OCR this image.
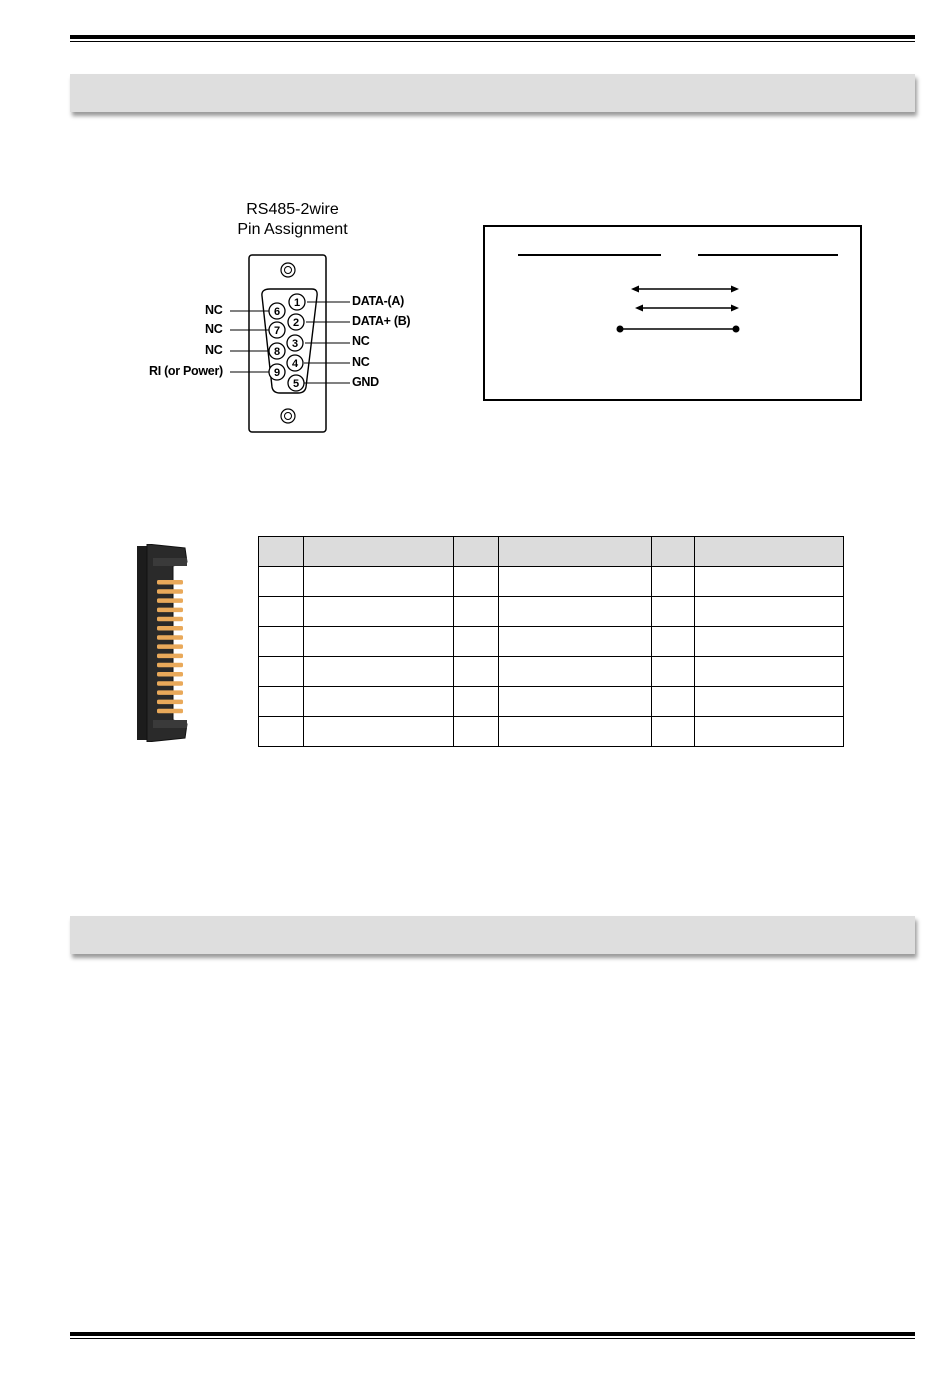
RS485-2wire
Pin Assignment
1
2
3
4
5
6
7
8
9
DATA-(A)
DATA+ (B)
NC
NC
GND
NC
NC
NC
RI (or Power)
